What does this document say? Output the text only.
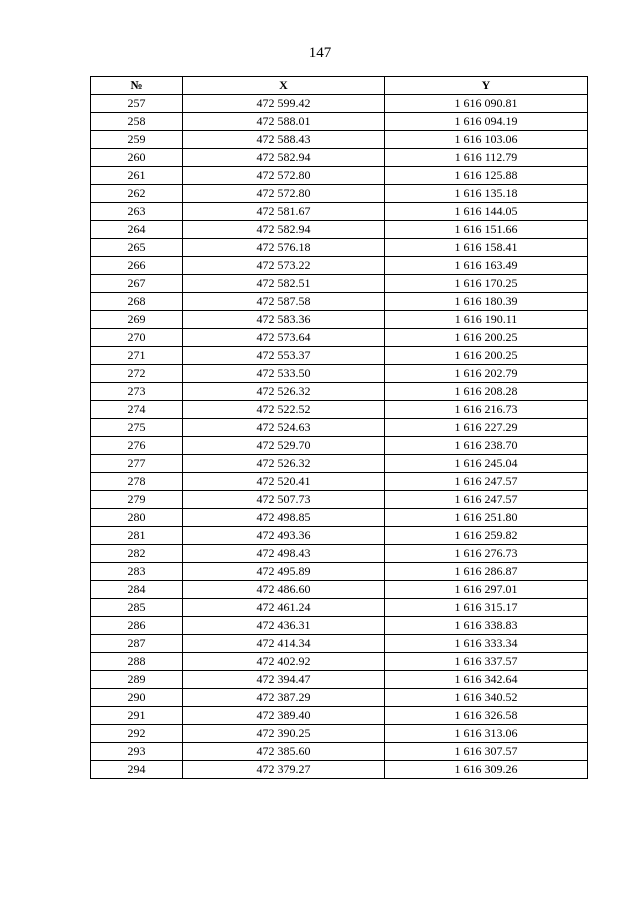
147
№	X	Y
257	472 599.42	1 616 090.81
258	472 588.01	1 616 094.19
259	472 588.43	1 616 103.06
260	472 582.94	1 616 112.79
261	472 572.80	1 616 125.88
262	472 572.80	1 616 135.18
263	472 581.67	1 616 144.05
264	472 582.94	1 616 151.66
265	472 576.18	1 616 158.41
266	472 573.22	1 616 163.49
267	472 582.51	1 616 170.25
268	472 587.58	1 616 180.39
269	472 583.36	1 616 190.11
270	472 573.64	1 616 200.25
271	472 553.37	1 616 200.25
272	472 533.50	1 616 202.79
273	472 526.32	1 616 208.28
274	472 522.52	1 616 216.73
275	472 524.63	1 616 227.29
276	472 529.70	1 616 238.70
277	472 526.32	1 616 245.04
278	472 520.41	1 616 247.57
279	472 507.73	1 616 247.57
280	472 498.85	1 616 251.80
281	472 493.36	1 616 259.82
282	472 498.43	1 616 276.73
283	472 495.89	1 616 286.87
284	472 486.60	1 616 297.01
285	472 461.24	1 616 315.17
286	472 436.31	1 616 338.83
287	472 414.34	1 616 333.34
288	472 402.92	1 616 337.57
289	472 394.47	1 616 342.64
290	472 387.29	1 616 340.52
291	472 389.40	1 616 326.58
292	472 390.25	1 616 313.06
293	472 385.60	1 616 307.57
294	472 379.27	1 616 309.26
